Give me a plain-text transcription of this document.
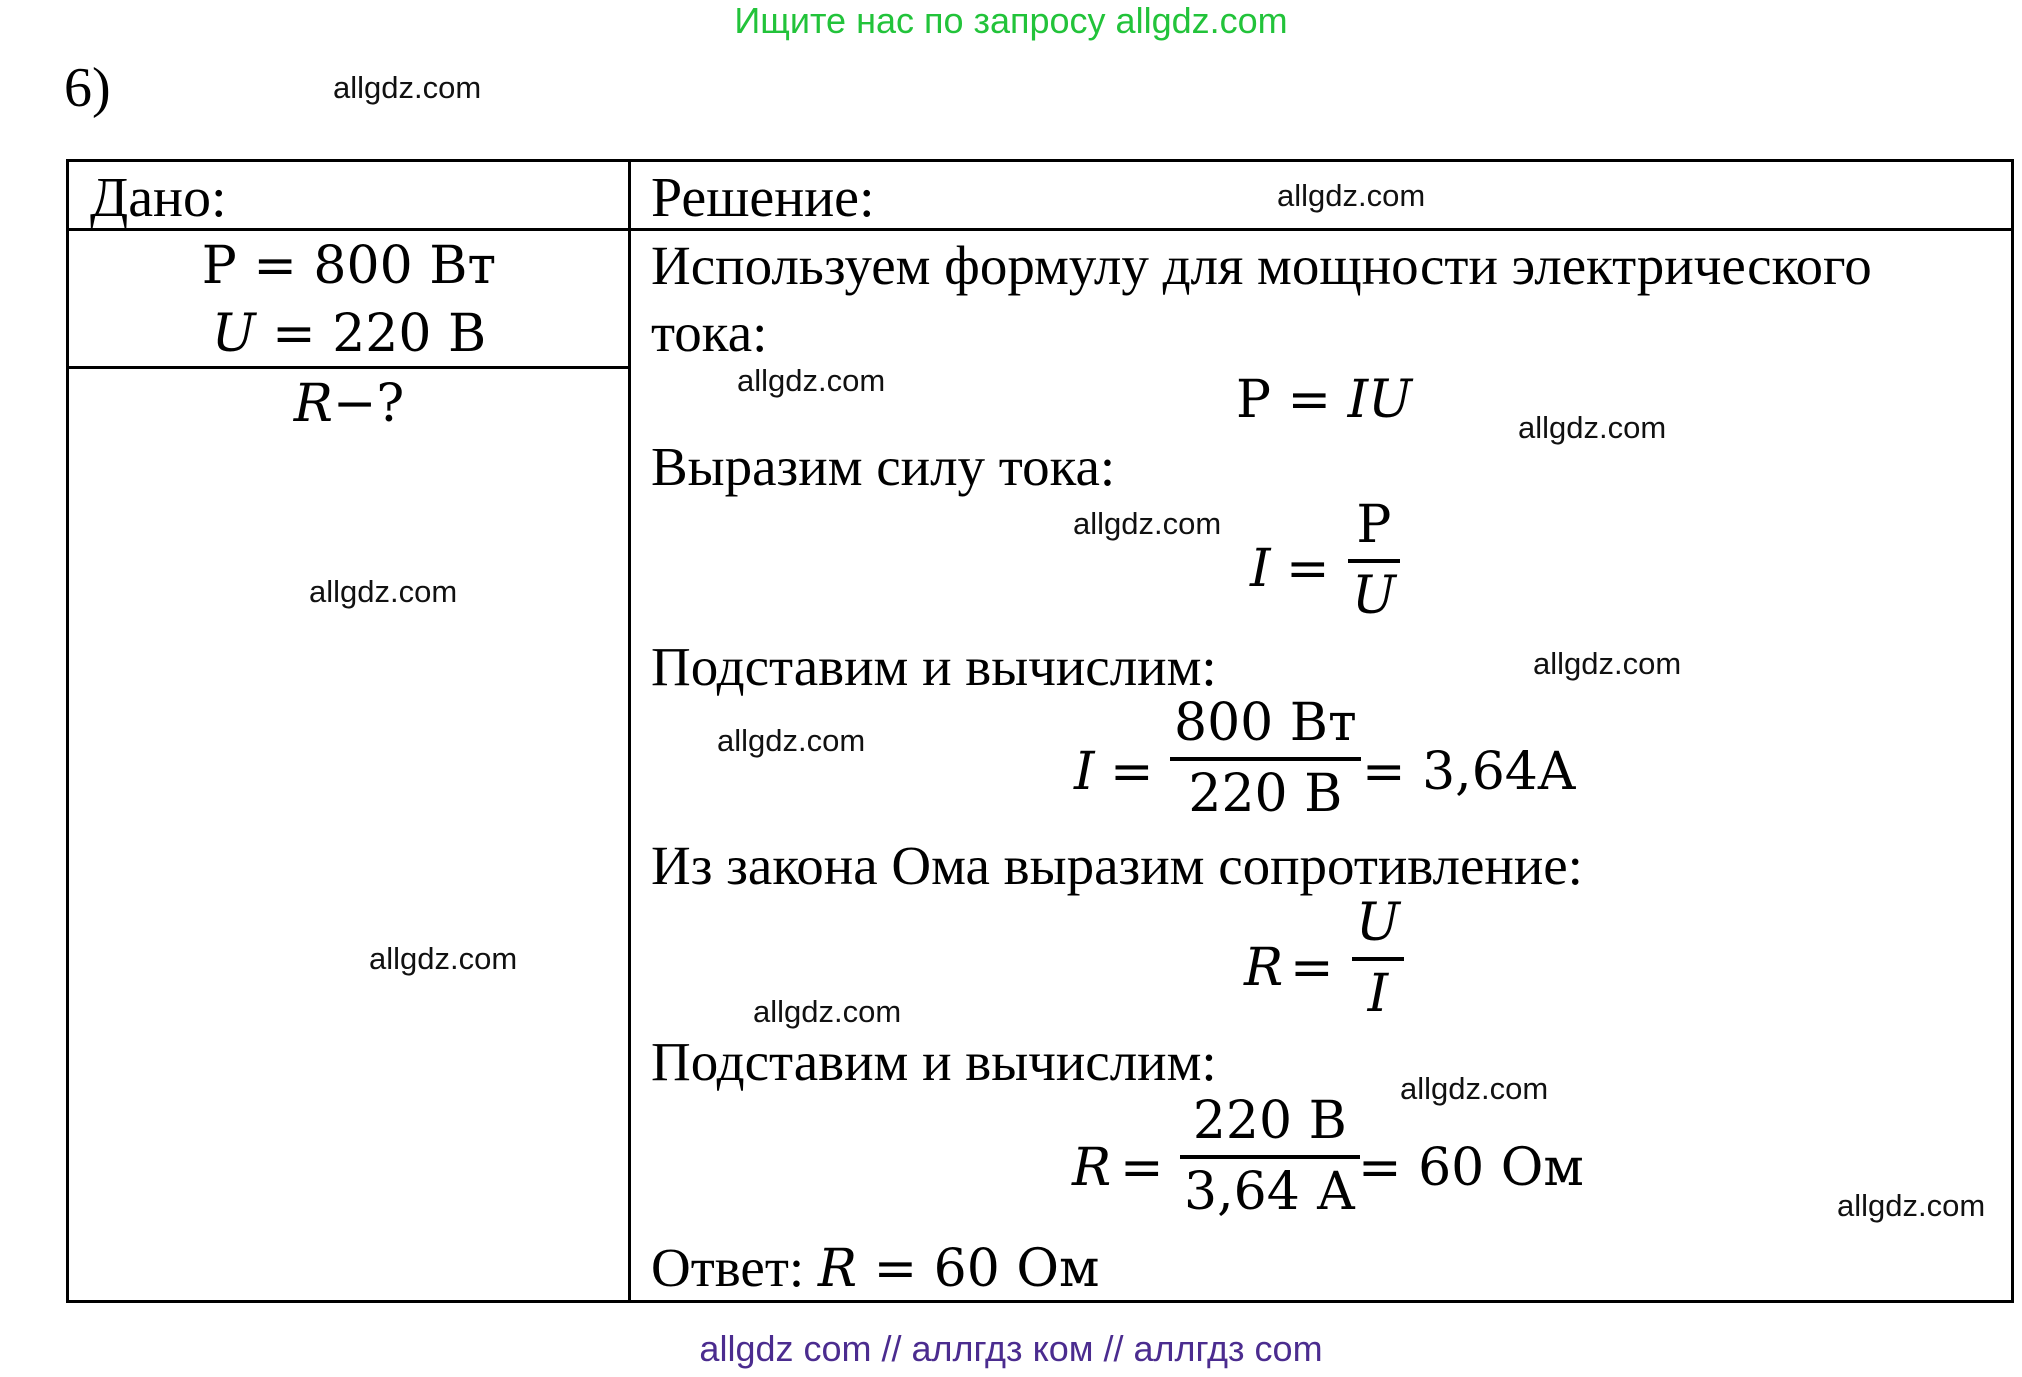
Ищите нас по запросу allgdz.com
allgdz com // аллгдз ком // аллгдз com
6)
Дано:	Решение:
P = 800 Вт
U = 220 В
R−?
Используем формулу для мощности электрического
тока:
P = IU
Выразим силу тока:
I =
P
U
Подставим и вычислим:
I =
800 Вт
220 В = 3,64A
Из закона Ома выразим сопротивление:
R =
U
I
Подставим и вычислим:
R =
220 В
3,64 А = 60 Ом
Ответ: R = 60 Ом
allgdz.com
allgdz.com
allgdz.com
allgdz.com
allgdz.com
allgdz.com
allgdz.com
allgdz.com
allgdz.com
allgdz.com
allgdz.com
allgdz.com
